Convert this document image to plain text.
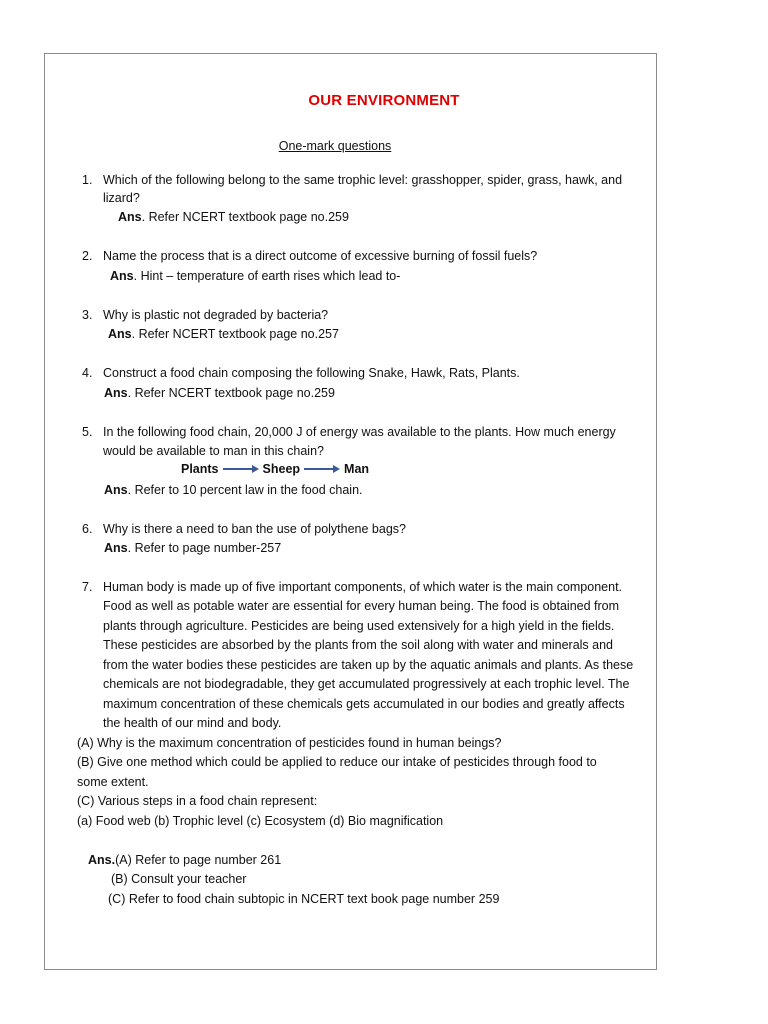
OUR ENVIRONMENT
One-mark questions
1. Which of the following belong to the same trophic level: grasshopper, spider, grass, hawk, and
lizard?
Ans. Refer NCERT textbook page no.259
2. Name the process that is a direct outcome of excessive burning of fossil fuels?
Ans. Hint – temperature of earth rises which lead to-
3. Why is plastic not degraded by bacteria?
Ans. Refer NCERT textbook page no.257
4. Construct a food chain composing the following Snake, Hawk, Rats, Plants.
Ans. Refer NCERT textbook page no.259
5. In the following food chain, 20,000 J of energy was available to the plants. How much energy
would be available to man in this chain?
Plants	Sheep	Man
Ans. Refer to 10 percent law in the food chain.
6. Why is there a need to ban the use of polythene bags?
Ans. Refer to page number-257
7. Human body is made up of five important components, of which water is the main component.
Food as well as potable water are essential for every human being. The food is obtained from
plants through agriculture. Pesticides are being used extensively for a high yield in the fields.
These pesticides are absorbed by the plants from the soil along with water and minerals and
from the water bodies these pesticides are taken up by the aquatic animals and plants. As these
chemicals are not biodegradable, they get accumulated progressively at each trophic level. The
maximum concentration of these chemicals gets accumulated in our bodies and greatly affects
the health of our mind and body.
(A) Why is the maximum concentration of pesticides found in human beings?
(B) Give one method which could be applied to reduce our intake of pesticides through food to
some extent.
(C) Various steps in a food chain represent:
(a) Food web (b) Trophic level (c) Ecosystem (d) Bio magnification
Ans.(A) Refer to page number 261
(B) Consult your teacher
(C) Refer to food chain subtopic in NCERT text book page number 259
